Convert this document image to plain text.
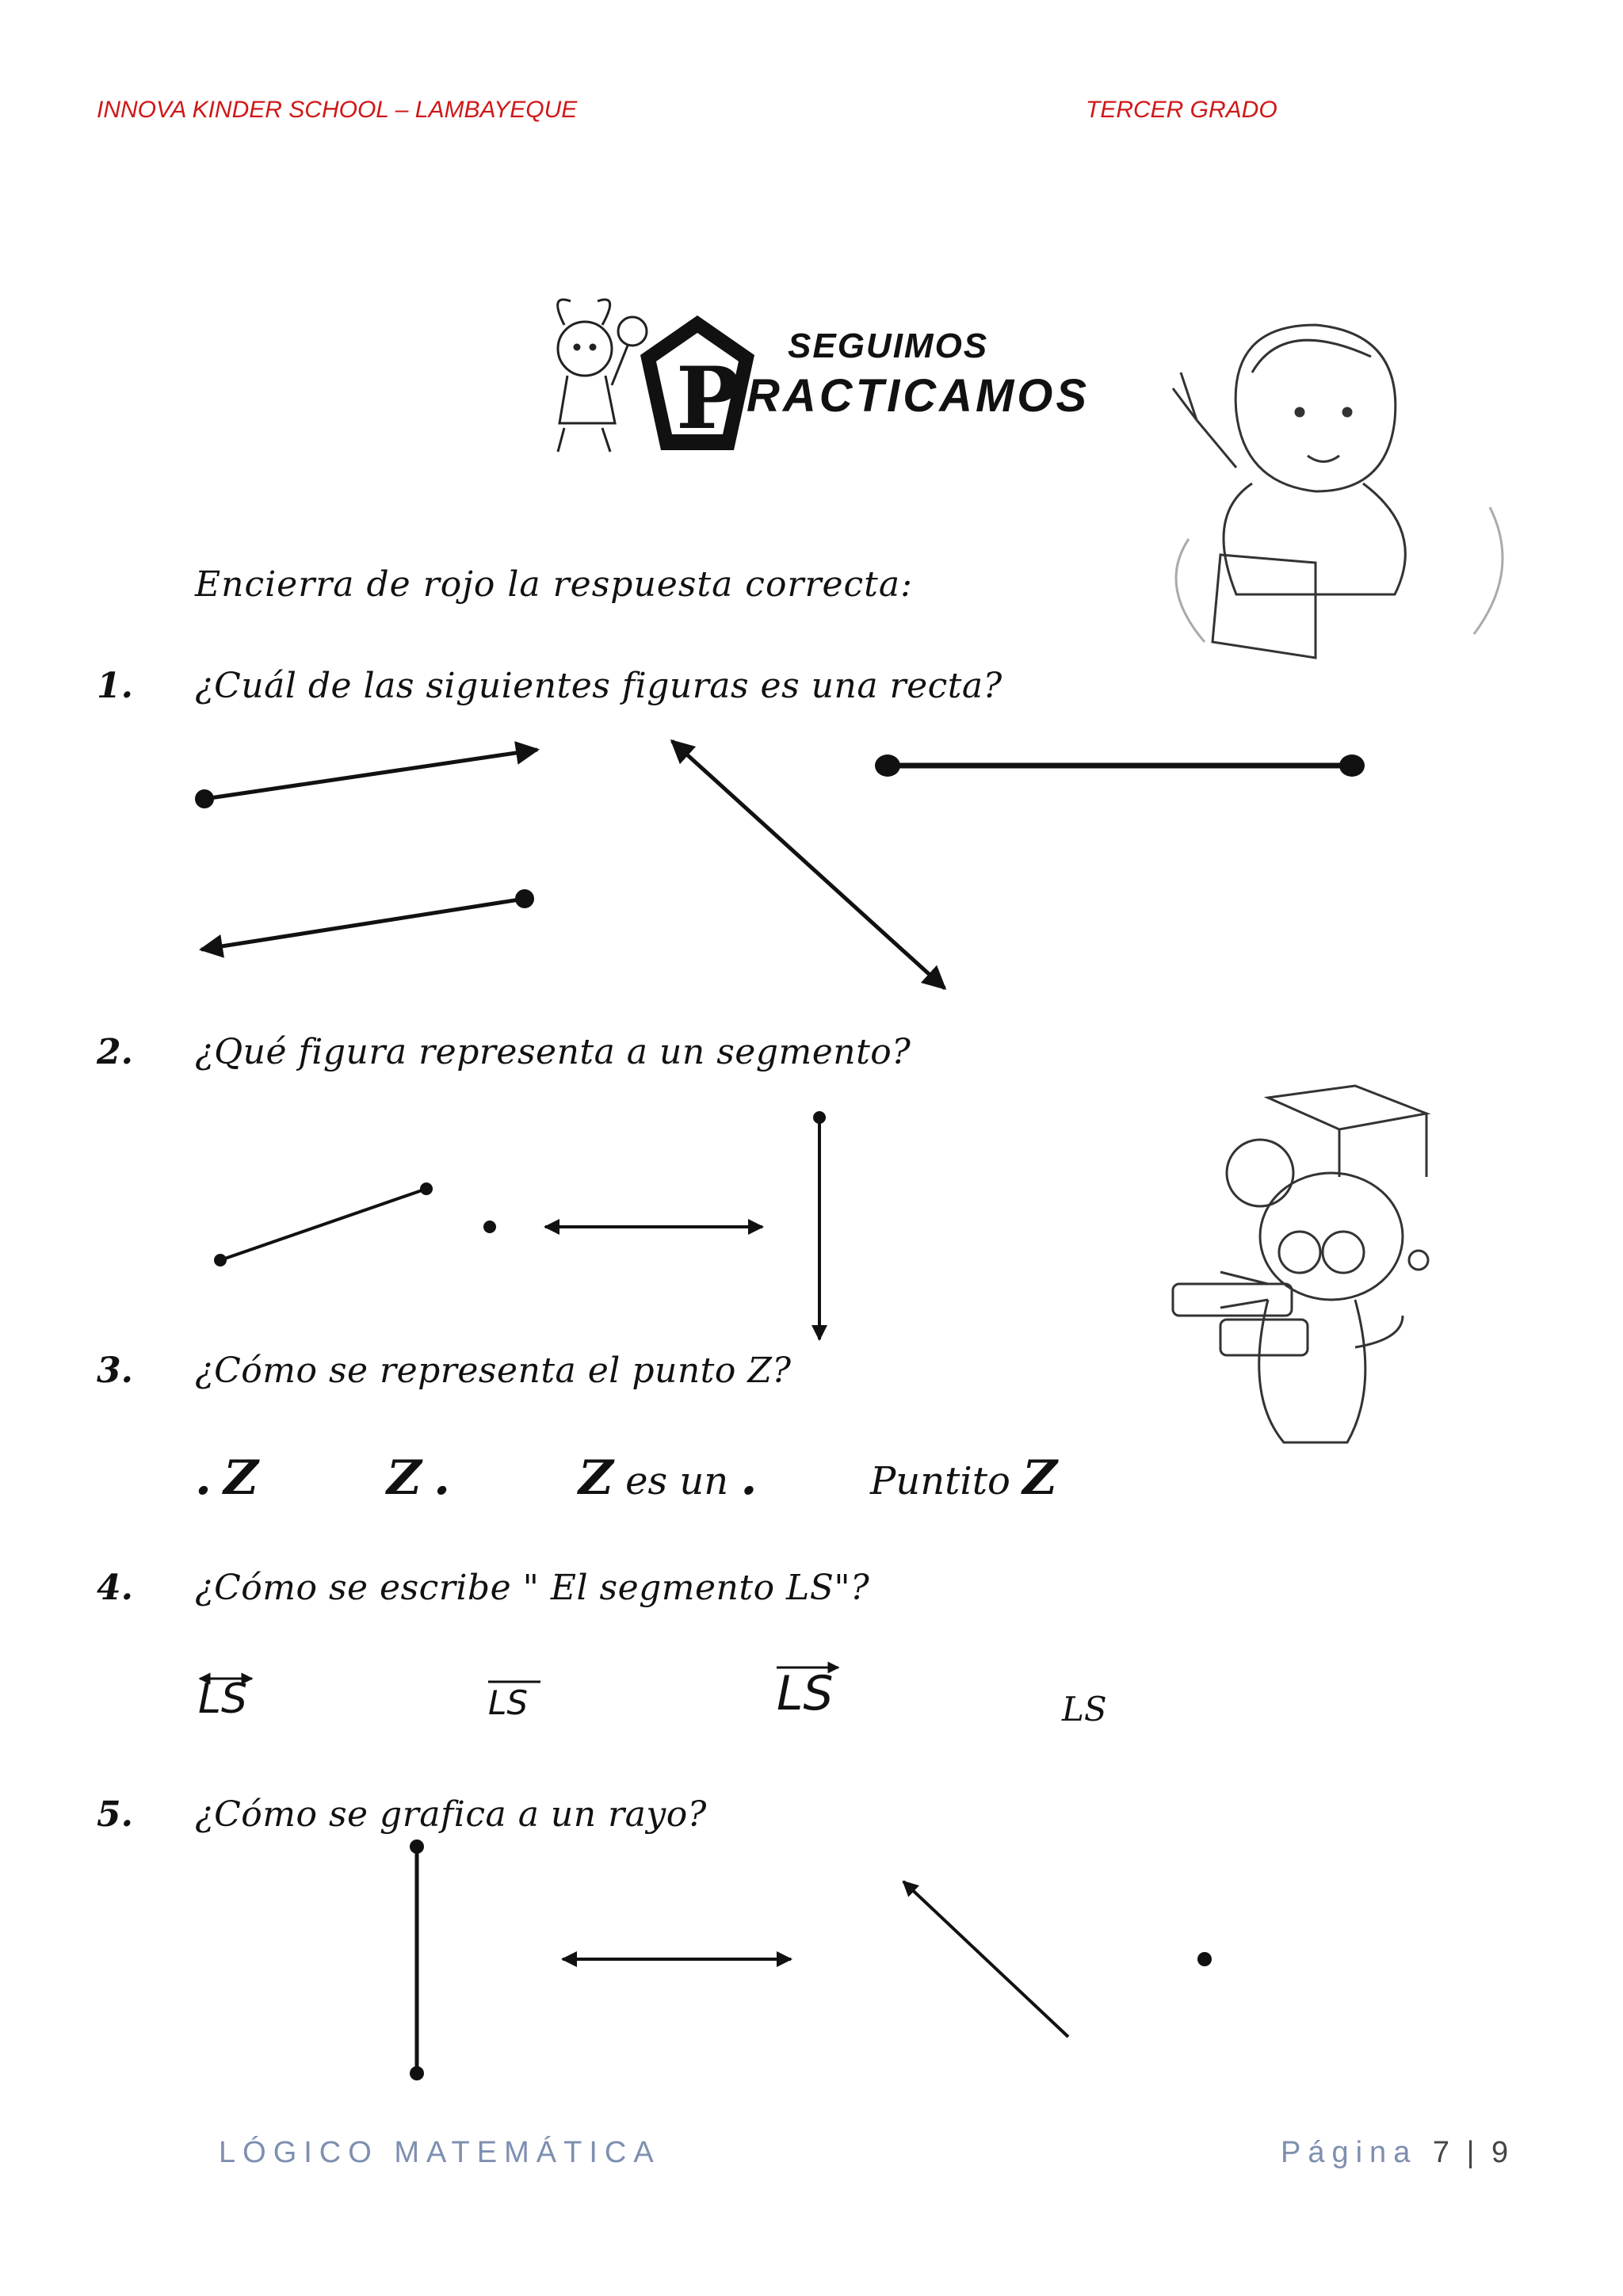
INNOVA KINDER SCHOOL – LAMBAYEQUE	TERCER GRADO
P
SEGUIMOS
RACTICAMOS
Encierra de rojo la respuesta correcta:
1. ¿Cuál de las siguientes figuras es una recta?
2. ¿Qué figura representa a un segmento?
3. ¿Cómo se representa el punto Z?
. Z	Z .	Z es un .	Puntito Z
4. ¿Cómo se escribe " El segmento LS"?
LS	LS	LS	LS
5. ¿Cómo se grafica a un rayo?
LÓGICO MATEMÁTICA	Página 7 | 9
